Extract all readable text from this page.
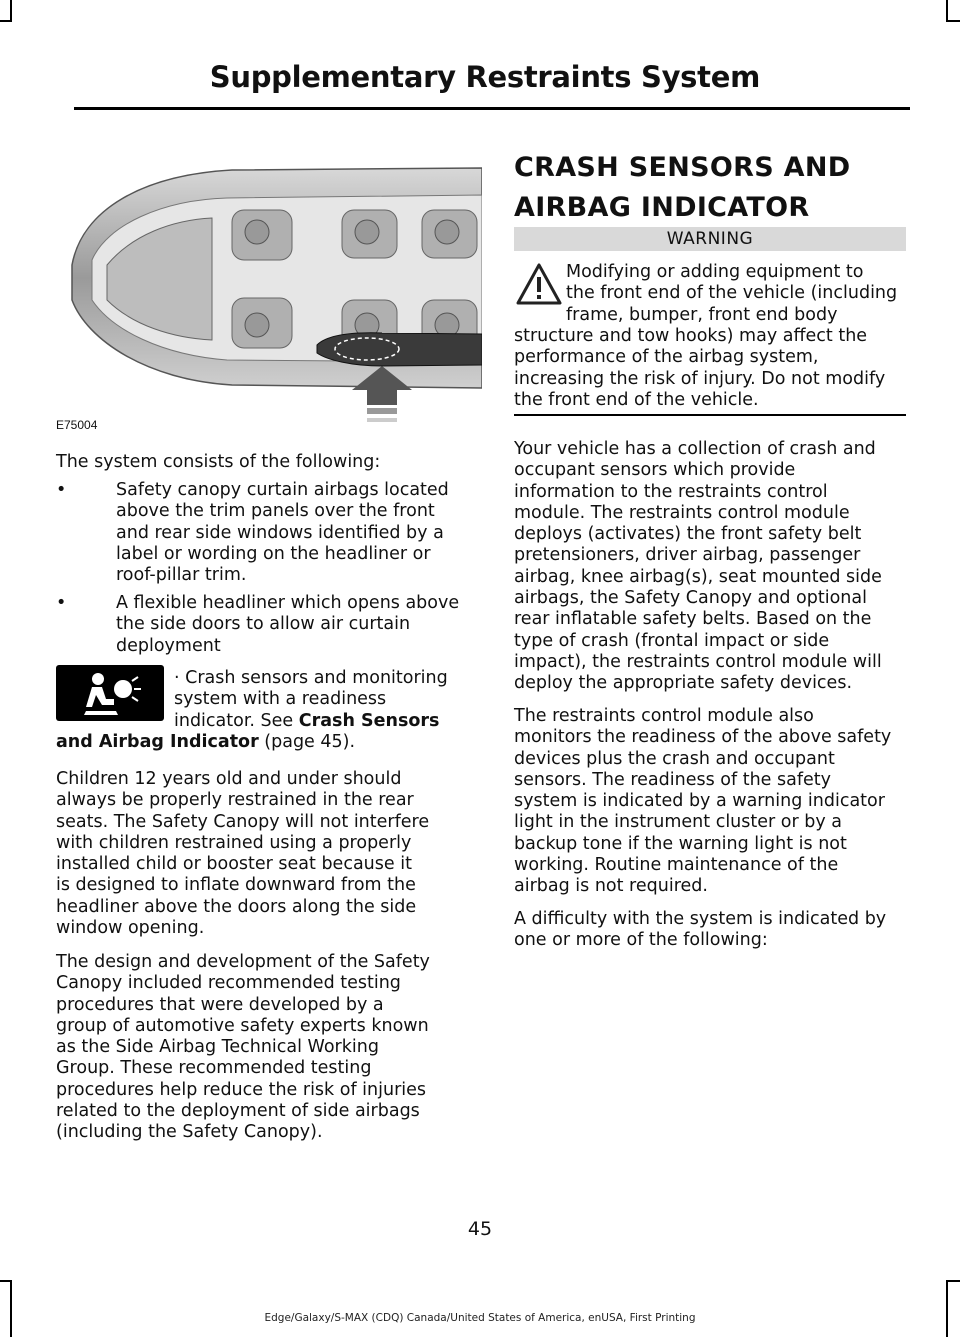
Supplementary Restraints System
E75004
The system consists of the following:
•	Safety canopy curtain airbags located
above the trim panels over the front
and rear side windows identified by a
label or wording on the headliner or
roof-pillar trim.
•	A flexible headliner which opens above
the side doors to allow air curtain
deployment
· Crash sensors and monitoring
system with a readiness
indicator. See Crash Sensors
and Airbag Indicator (page 45).
Children 12 years old and under should
always be properly restrained in the rear
seats. The Safety Canopy will not interfere
with children restrained using a properly
installed child or booster seat because it
is designed to inflate downward from the
headliner above the doors along the side
window opening.
The design and development of the Safety
Canopy included recommended testing
procedures that were developed by a
group of automotive safety experts known
as the Side Airbag Technical Working
Group. These recommended testing
procedures help reduce the risk of injuries
related to the deployment of side airbags
(including the Safety Canopy).
CRASH SENSORS AND
AIRBAG INDICATOR
WARNING
Modifying or adding equipment to
the front end of the vehicle (including
frame, bumper, front end body
structure and tow hooks) may affect the
performance of the airbag system,
increasing the risk of injury. Do not modify
the front end of the vehicle.
Your vehicle has a collection of crash and
occupant sensors which provide
information to the restraints control
module. The restraints control module
deploys (activates) the front safety belt
pretensioners, driver airbag, passenger
airbag, knee airbag(s), seat mounted side
airbags, the Safety Canopy and optional
rear inflatable safety belts. Based on the
type of crash (frontal impact or side
impact), the restraints control module will
deploy the appropriate safety devices.
The restraints control module also
monitors the readiness of the above safety
devices plus the crash and occupant
sensors. The readiness of the safety
system is indicated by a warning indicator
light in the instrument cluster or by a
backup tone if the warning light is not
working. Routine maintenance of the
airbag is not required.
A difficulty with the system is indicated by
one or more of the following:
45
Edge/Galaxy/S-MAX (CDQ) Canada/United States of America, enUSA, First Printing
